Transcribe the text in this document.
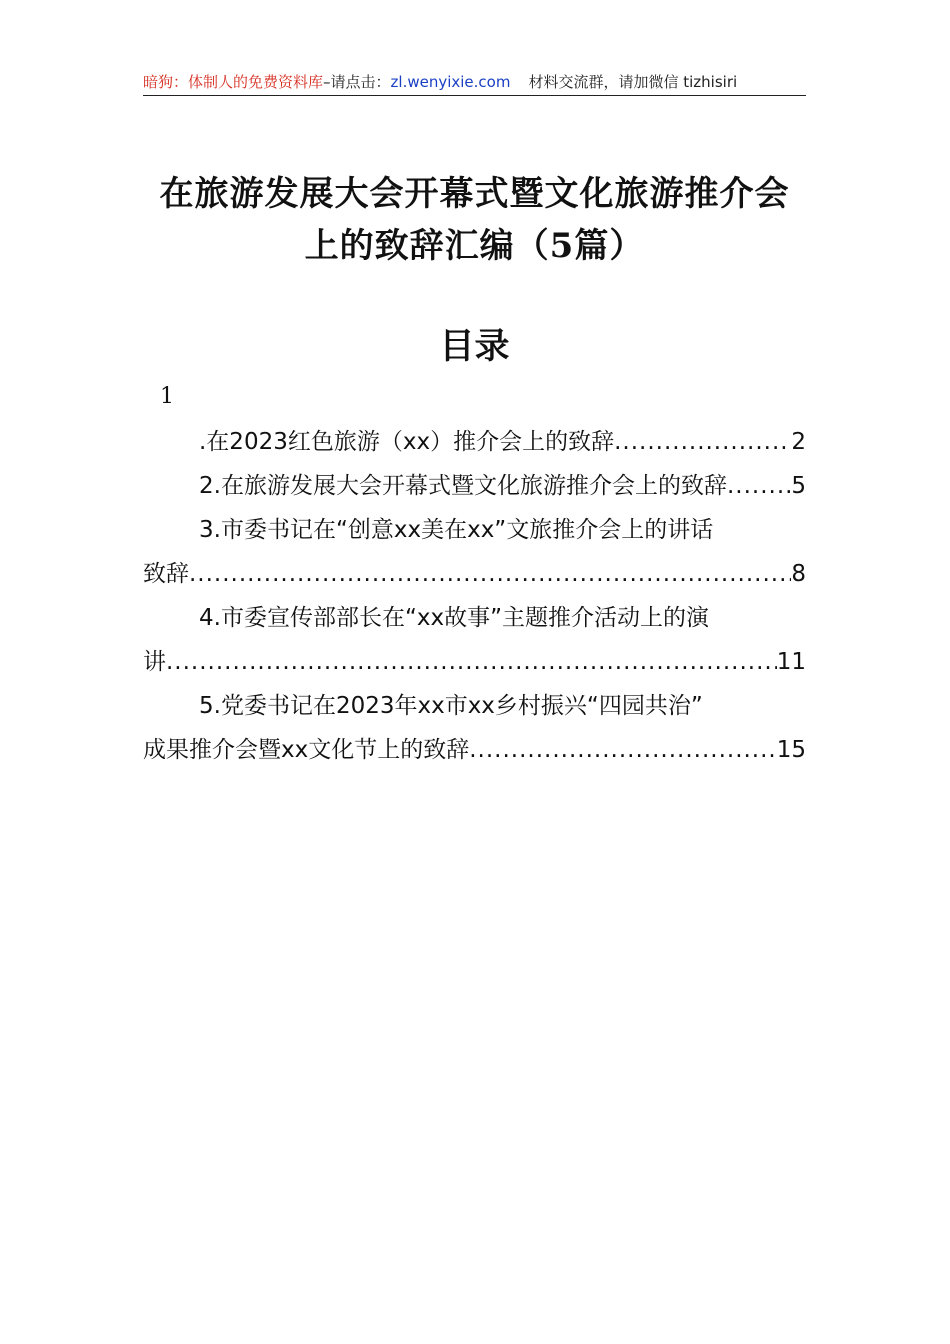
暗狗：体制人的免费资料库–请点击：zl.wenyixie.com 材料交流群，请加微信 tizhisiri
在旅游发展大会开幕式暨文化旅游推介会
上的致辞汇编（5篇）
目录
1
.在2023红色旅游（xx）推介会上的致辞 .....	2
2.在旅游发展大会开幕式暨文化旅游推介会上的致辞 .....	5
3.市委书记在“创意xx美在xx”文旅推介会上的讲话
致辞 .....	8
4.市委宣传部部长在“xx故事”主题推介活动上的演
讲 .....	11
5.党委书记在2023年xx市xx乡村振兴“四园共治”
成果推介会暨xx文化节上的致辞 .....	15
